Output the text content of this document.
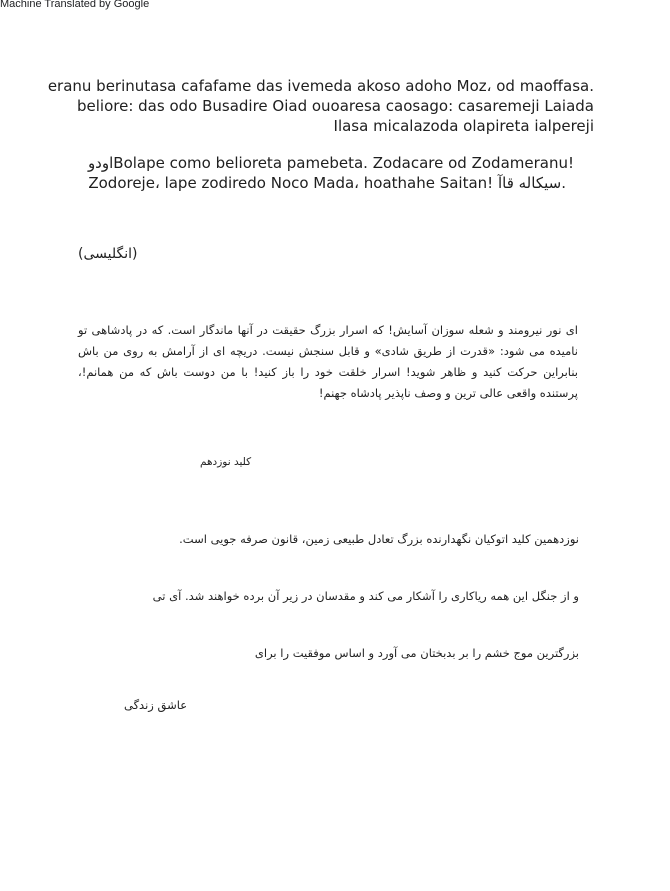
Machine Translated by Google
eranu berinutasa cafafame das ivemeda akoso adoho Moz، od maoffasa.
beliore: das odo Busadire Oiad ouoaresa caosago: casaremeji Laiada
Ilasa micalazoda olapireta ialpereji
اودوBolape como belioreta pamebeta. Zodacare od Zodameranu!
Zodoreje، lape zodiredo Noco Mada، hoathahe Saitan! سیکاله قاآ.
(انگلیسی)
ای نور نیرومند و شعله سوزان آسایش! که اسرار بزرگ حقیقت در آنها ماندگار است. که در پادشاهی تو نامیده می شود: «قدرت از طریق شادی» و قابل سنجش نیست. دریچه ای از آرامش به روی من باش بنابراین حرکت کنید و ظاهر شوید! اسرار خلقت خود را باز کنید! با من دوست باش که من همانم!، پرستنده واقعی عالی ترین و وصف ناپذیر پادشاه جهنم!
کلید نوزدهم
نوزدهمین کلید اتوکیان نگهدارنده بزرگ تعادل طبیعی زمین، قانون صرفه جویی است.
و از جنگل این همه ریاکاری را آشکار می کند و مقدسان در زیر آن برده خواهند شد. آی تی
بزرگترین موج خشم را بر بدبختان می آورد و اساس موفقیت را برای
عاشق زندگی
